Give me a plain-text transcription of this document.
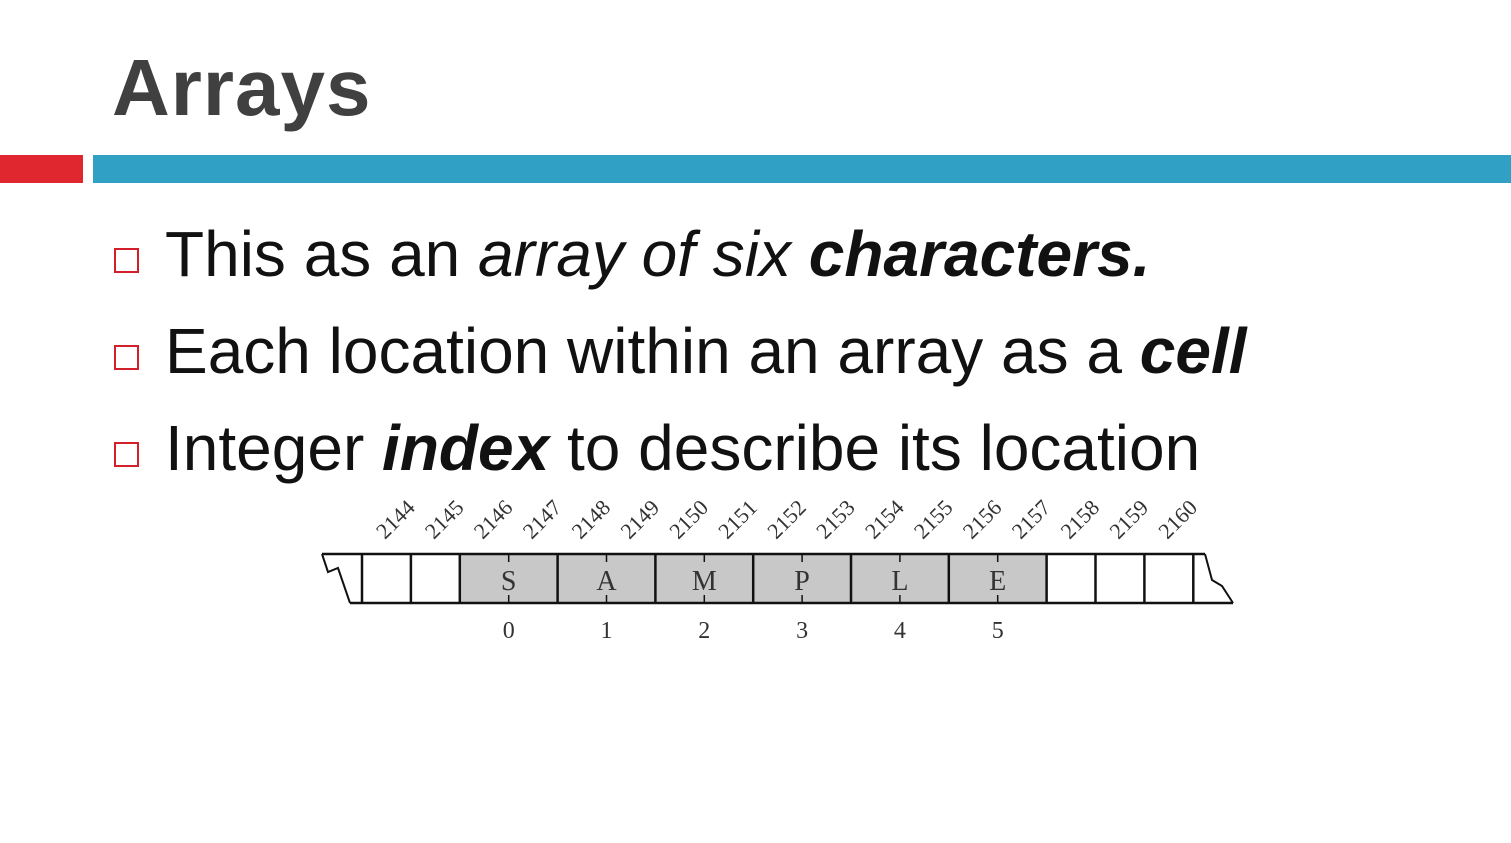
Arrays
This as an array of six characters.
Each location within an array as a cell
Integer index to describe its location
S	A	M	P	L	E
2144 2145 2146 2147 2148 2149 2150 2151 2152 2153 2154 2155 2156 2157 2158 2159 2160
0	1	2	3	4	5
